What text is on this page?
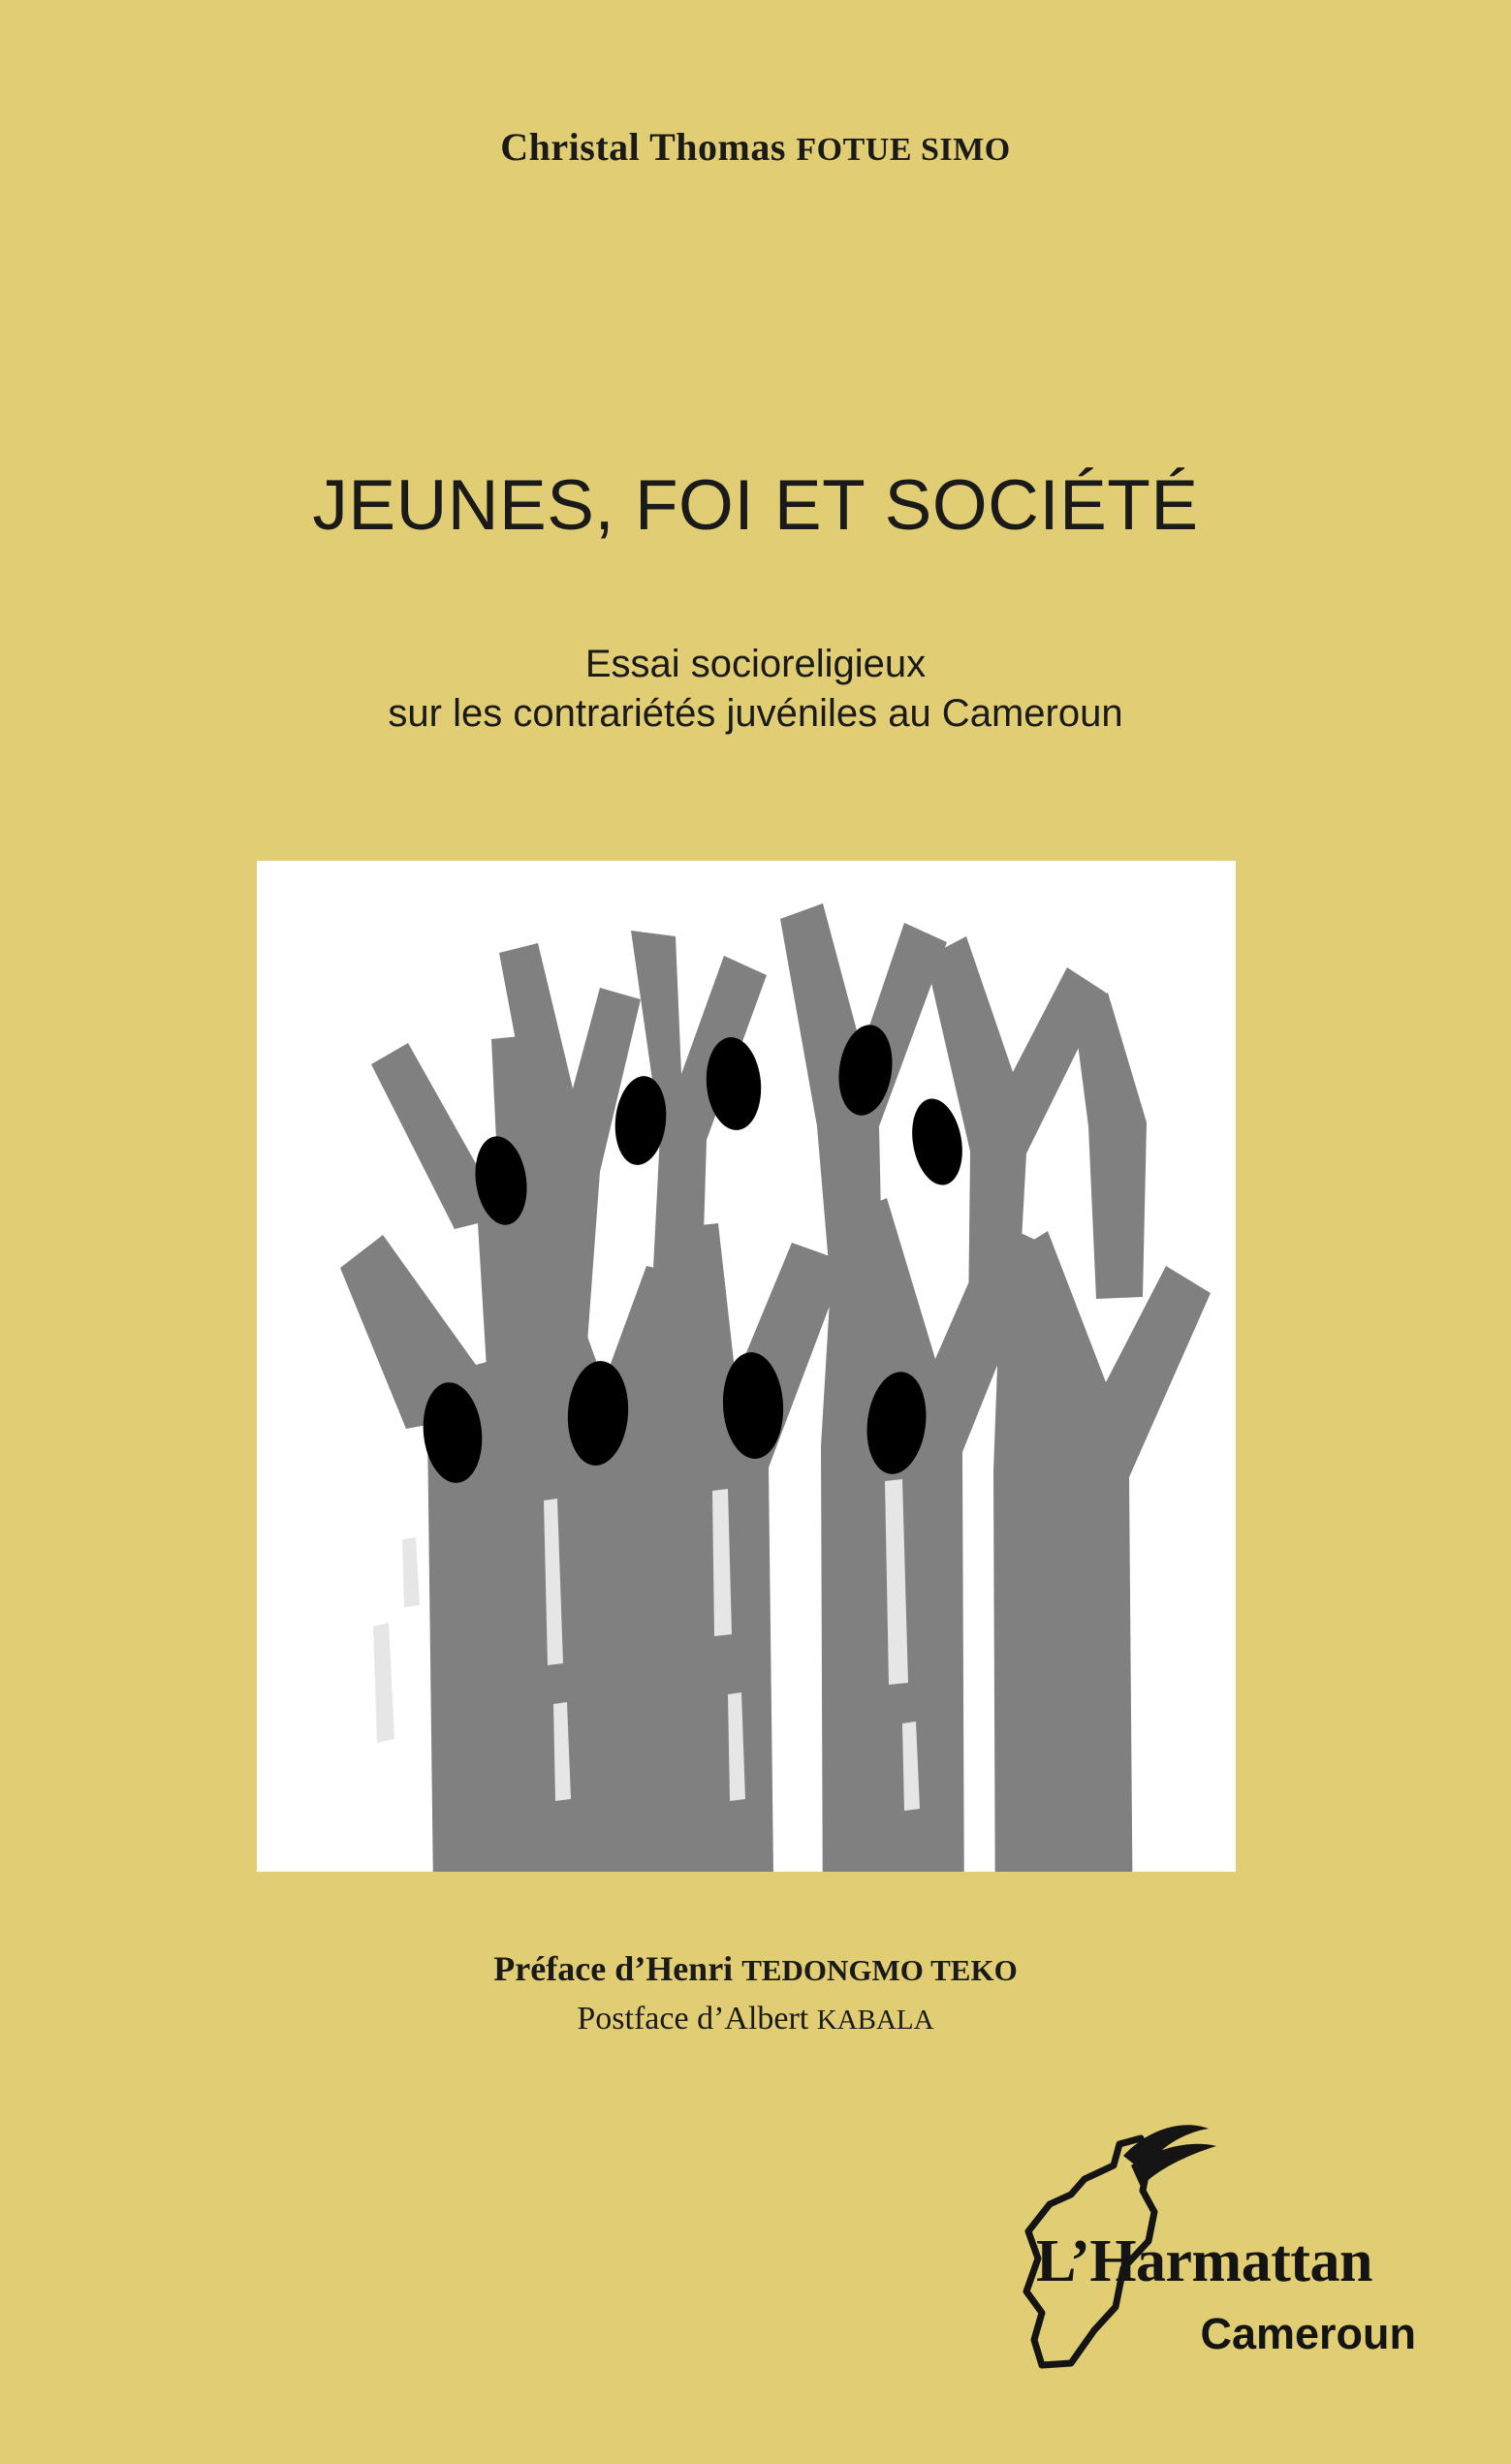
Christal Thomas FOTUE SIMO
JEUNES, FOI ET SOCIÉTÉ
Essai socioreligieux
sur les contrariétés juvéniles au Cameroun
Préface d’Henri TEDONGMO TEKO
Postface d’Albert KABALA
L’Harmattan
Cameroun
